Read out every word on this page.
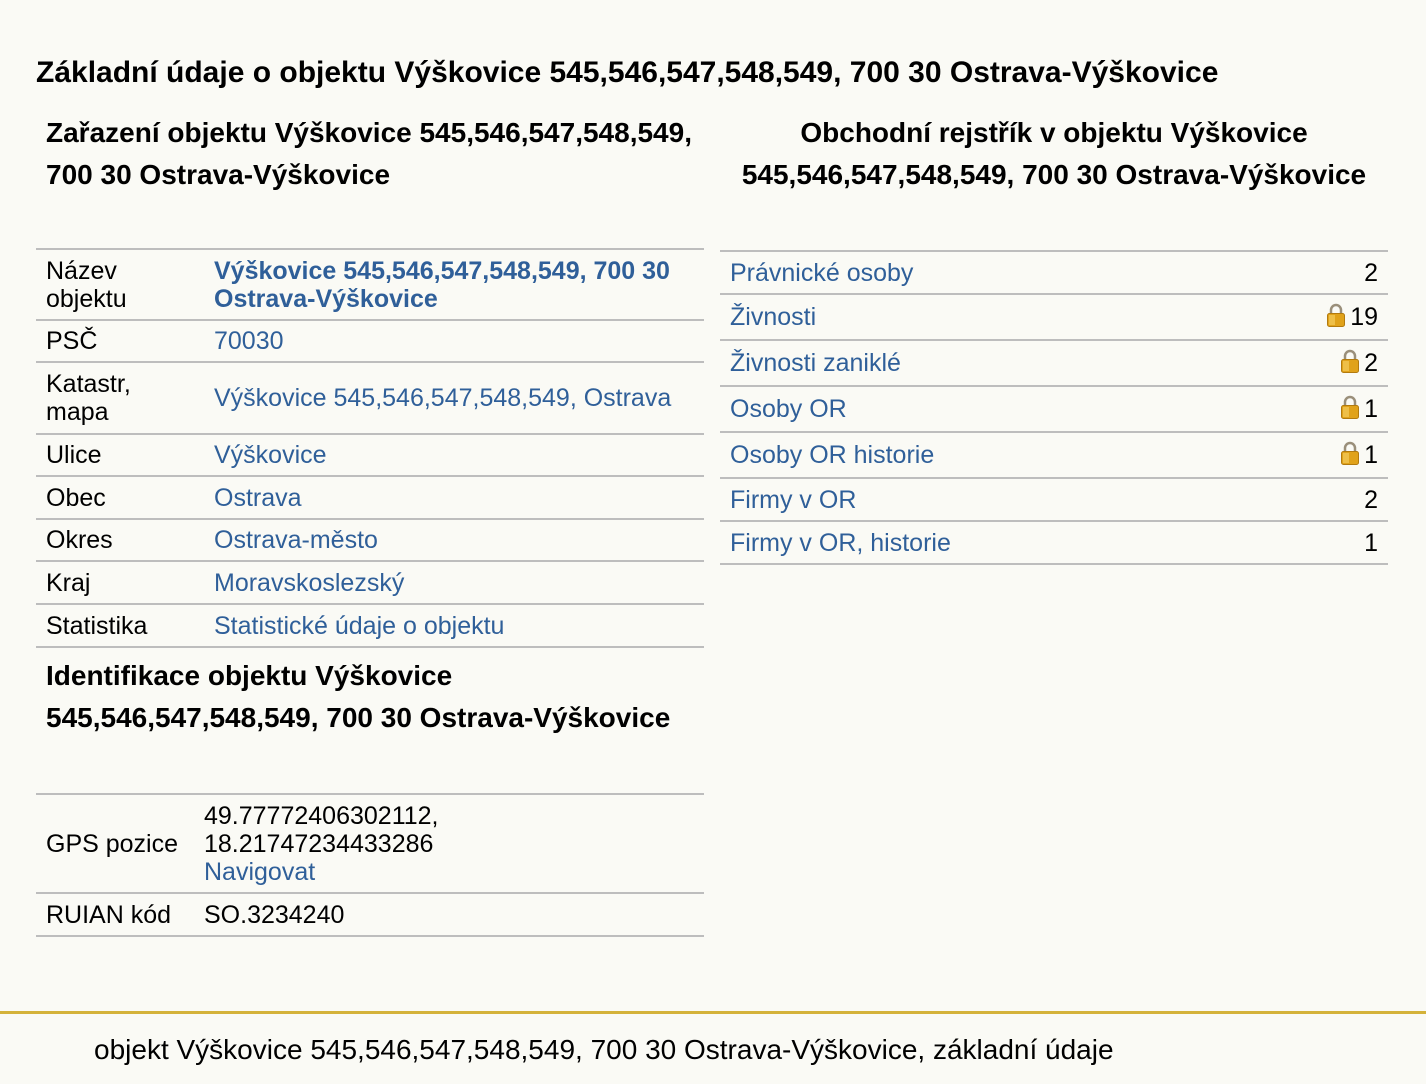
Základní údaje o objektu Výškovice 545,546,547,548,549, 700 30 Ostrava-Výškovice
Zařazení objektu Výškovice 545,546,547,548,549, 700 30 Ostrava-Výškovice
Název objektu	Výškovice 545,546,547,548,549, 700 30 Ostrava-Výškovice
PSČ	70030
Katastr, mapa	Výškovice 545,546,547,548,549, Ostrava
Ulice	Výškovice
Obec	Ostrava
Okres	Ostrava-město
Kraj	Moravskoslezský
Statistika	Statistické údaje o objektu
Identifikace objektu Výškovice 545,546,547,548,549, 700 30 Ostrava-Výškovice
GPS pozice	49.77772406302112,
18.21747234433286
Navigovat

RUIAN kód	SO.3234240
Obchodní rejstřík v objektu Výškovice 545,546,547,548,549, 700 30 Ostrava-Výškovice
Právnické osoby	2
Živnosti	19
Živnosti zaniklé	2
Osoby OR	1
Osoby OR historie	1
Firmy v OR	2
Firmy v OR, historie	1
objekt Výškovice 545,546,547,548,549, 700 30 Ostrava-Výškovice, základní údaje
